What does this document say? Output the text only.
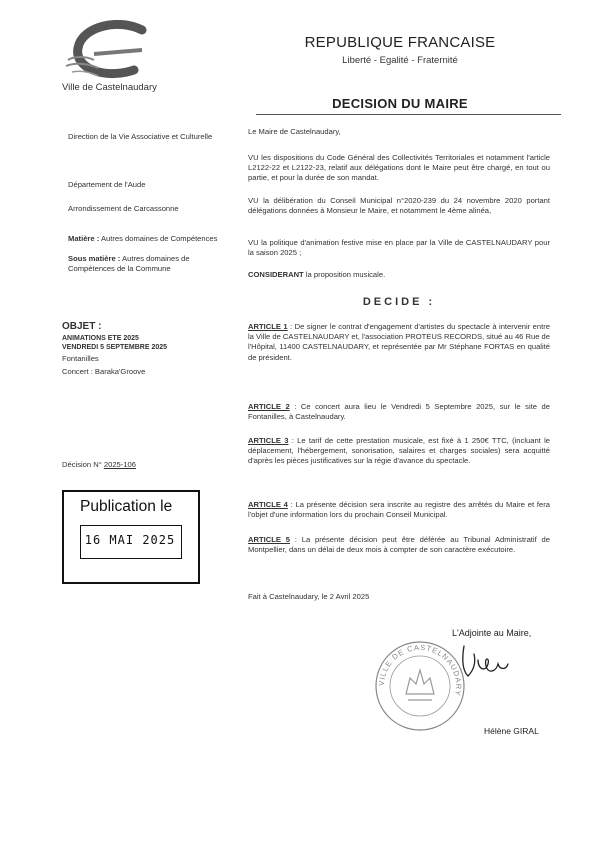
Ville de Castelnaudary
REPUBLIQUE FRANCAISE
Liberté - Egalité - Fraternité
DECISION DU MAIRE
Direction de la Vie Associative et Culturelle
Département de l'Aude
Arrondissement de Carcassonne
Matière : Autres domaines de Compétences
Sous matière : Autres domaines de Compétences de la Commune
OBJET :
ANIMATIONS ETE 2025
VENDREDI 5 SEPTEMBRE 2025
Fontanilles
Concert : Baraka'Groove
Décision N° 2025-106
Publication le
16 MAI 2025
Le Maire de Castelnaudary,
VU les dispositions du Code Général des Collectivités Territoriales et notamment l'article L2122-22 et L2122-23, relatif aux délégations dont le Maire peut être chargé, en tout ou partie, et pour la durée de son mandat.
VU la délibération du Conseil Municipal n°2020-239 du 24 novembre 2020 portant délégations données à Monsieur le Maire, et notamment le 4ème alinéa,
VU la politique d'animation festive mise en place par la Ville de CASTELNAUDARY pour la saison 2025 ;
CONSIDERANT la proposition musicale.
DECIDE :
ARTICLE 1 : De signer le contrat d'engagement d'artistes du spectacle à intervenir entre la Ville de CASTELNAUDARY et, l'association PROTEUS RECORDS, situé au 46 Rue de l'Hôpital, 11400 CASTELNAUDARY, et représentée par Mr Stéphane FORTAS en qualité de président.
ARTICLE 2 : Ce concert aura lieu le Vendredi 5 Septembre 2025, sur le site de Fontanilles, à Castelnaudary.
ARTICLE 3 : Le tarif de cette prestation musicale, est fixé à 1 250€ TTC, (incluant le déplacement, l'hébergement, sonorisation, salaires et charges sociales) sera acquitté d'après les pièces justificatives sur la régie d'avance du spectacle.
ARTICLE 4 : La présente décision sera inscrite au registre des arrêtés du Maire et fera l'objet d'une information lors du prochain Conseil Municipal.
ARTICLE 5 : La présente décision peut être déférée au Tribunal Administratif de Montpellier, dans un délai de deux mois à compter de son caractère exécutoire.
Fait à Castelnaudary, le 2 Avril 2025
L'Adjointe au Maire,
VILLE DE CASTELNAUDARY
Hélène GIRAL
